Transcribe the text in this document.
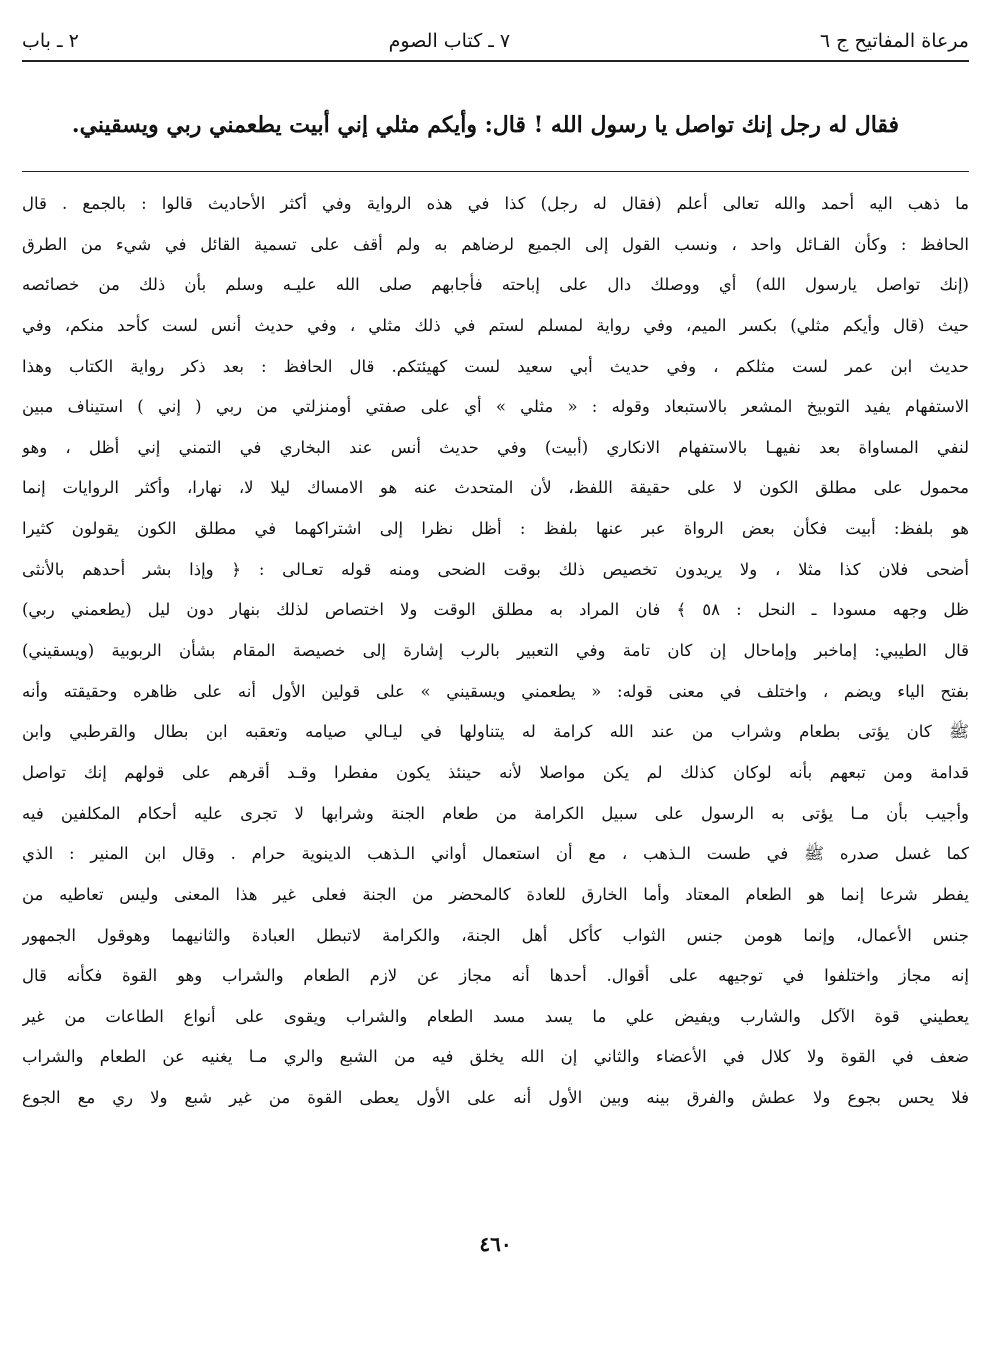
مرعاة المفاتيح ج ٦
٧ ـ كتاب الصوم
٢ ـ باب
فقال له رجل إنك تواصل يا رسول الله ! قال: وأيكم مثلي إني أبيت يطعمني ربي ويسقيني.
ما ذهب اليه أحمد والله تعالى أعلم (فقال له رجل) كذا في هذه الرواية وفي أكثر الأحاديث قالوا : بالجمع . قال
الحافظ : وكأن القـائل واحد ، ونسب القول إلى الجميع لرضاهم به ولم أقف على تسمية القائل في شيء من الطرق
(إنك تواصل يارسول الله) أي ووصلك دال على إباحته فأجابهم صلى الله عليـه وسلم بأن ذلك من خصائصه
حيث (قال وأيكم مثلي) بكسر الميم، وفي رواية لمسلم لستم في ذلك مثلي ، وفي حديث أنس لست كأحد منكم، وفي
حديث ابن عمر لست مثلكم ، وفي حديث أبي سعيد لست كهيئتكم. قال الحافظ : بعد ذكر رواية الكتاب وهذا
الاستفهام يفيد التوبيخ المشعر بالاستبعاد وقوله : « مثلي » أي على صفتي أومنزلتي من ربي ( إني ) استيناف مبين
لنفي المساواة بعد نفيهـا بالاستفهام الانكاري (أبيت) وفي حديث أنس عند البخاري في التمني إني أظل ، وهو
محمول على مطلق الكون لا على حقيقة اللفظ، لأن المتحدث عنه هو الامساك ليلا لا، نهارا، وأكثر الروايات إنما
هو بلفظ: أبيت فكأن بعض الرواة عبر عنها بلفظ : أظل نظرا إلى اشتراكهما في مطلق الكون يقولون كثيرا
أضحى فلان كذا مثلا ، ولا يريدون تخصيص ذلك بوقت الضحى ومنه قوله تعـالى : ﴿ وإذا بشر أحدهم بالأنثى
ظل وجهه مسودا ـ النحل : ٥٨ ﴾ فان المراد به مطلق الوقت ولا اختصاص لذلك بنهار دون ليل (يطعمني ربي)
قال الطيبي: إماخبر وإماحال إن كان تامة وفي التعبير بالرب إشارة إلى خصيصة المقام بشأن الربوبية (ويسقيني)
بفتح الياء ويضم ، واختلف في معنى قوله: « يطعمني ويسقيني » على قولين الأول أنه على ظاهره وحقيقته وأنه
ﷺ كان يؤتى بطعام وشراب من عند الله كرامة له يتناولها في ليـالي صيامه وتعقبه ابن بطال والقرطبي وابن
قدامة ومن تبعهم بأنه لوكان كذلك لم يكن مواصلا لأنه حينئذ يكون مفطرا وقـد أقرهم على قولهم إنك تواصل
وأجيب بأن مـا يؤتى به الرسول على سبيل الكرامة من طعام الجنة وشرابها لا تجرى عليه أحكام المكلفين فيه
كما غسل صدره ﷺ في طست الـذهب ، مع أن استعمال أواني الـذهب الدينوية حرام . وقال ابن المنير : الذي
يفطر شرعا إنما هو الطعام المعتاد وأما الخارق للعادة كالمحضر من الجنة فعلى غير هذا المعنى وليس تعاطيه من
جنس الأعمال، وإنما هومن جنس الثواب كأكل أهل الجنة، والكرامة لاتبطل العبادة والثانيهما وهوقول الجمهور
إنه مجاز واختلفوا في توجيهه على أقوال. أحدها أنه مجاز عن لازم الطعام والشراب وهو القوة فكأنه قال
يعطيني قوة الآكل والشارب ويفيض علي ما يسد مسد الطعام والشراب ويقوى على أنواع الطاعات من غير
ضعف في القوة ولا كلال في الأعضاء والثاني إن الله يخلق فيه من الشبع والري مـا يغنيه عن الطعام والشراب
فلا يحس بجوع ولا عطش والفرق بينه وبين الأول أنه على الأول يعطى القوة من غير شبع ولا ري مع الجوع
٤٦٠
